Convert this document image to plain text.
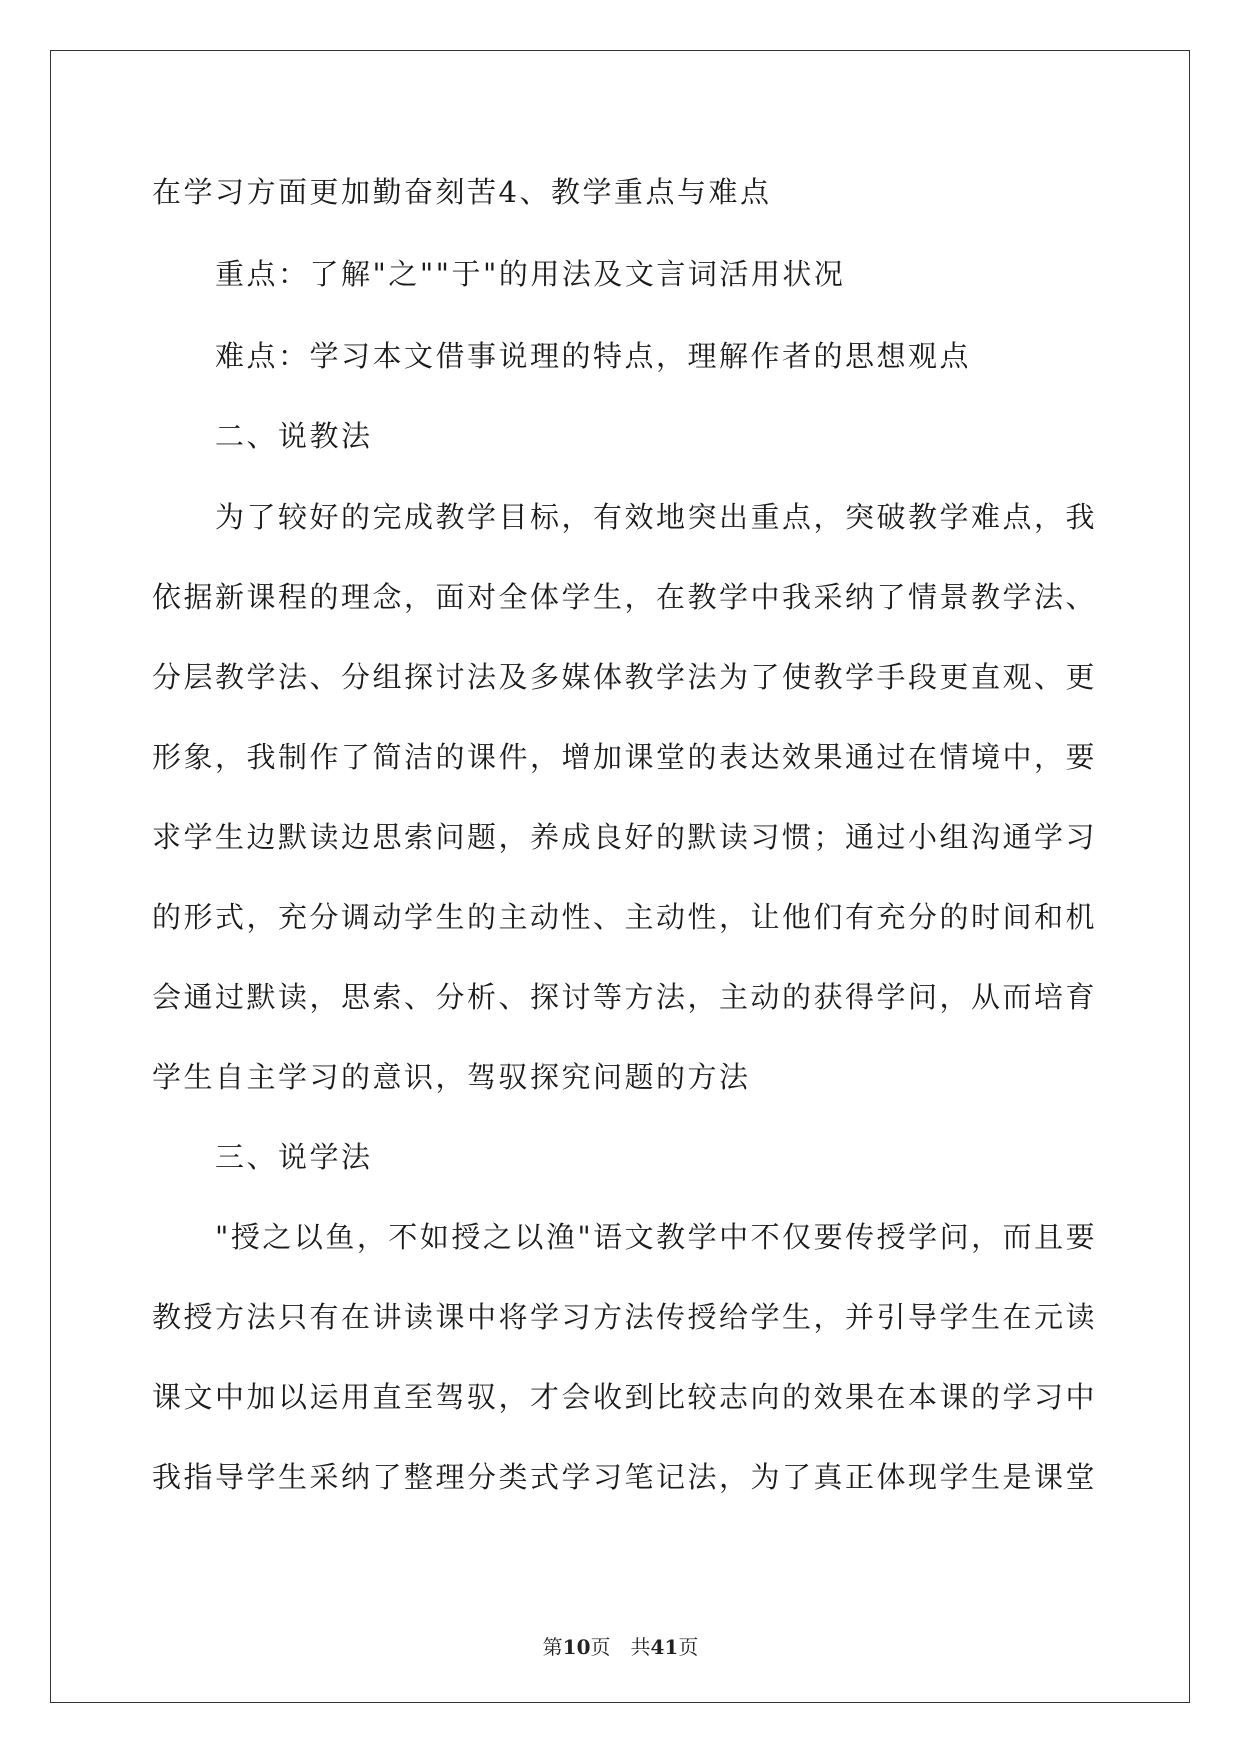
在学习方面更加勤奋刻苦4、教学重点与难点
重点：了解"之""于"的用法及文言词活用状况
难点：学习本文借事说理的特点，理解作者的思想观点
二、说教法
为了较好的完成教学目标，有效地突出重点，突破教学难点，我
依据新课程的理念，面对全体学生，在教学中我采纳了情景教学法、
分层教学法、分组探讨法及多媒体教学法为了使教学手段更直观、更
形象，我制作了简洁的课件，增加课堂的表达效果通过在情境中，要
求学生边默读边思索问题，养成良好的默读习惯；通过小组沟通学习
的形式，充分调动学生的主动性、主动性，让他们有充分的时间和机
会通过默读，思索、分析、探讨等方法，主动的获得学问，从而培育
学生自主学习的意识，驾驭探究问题的方法
三、说学法
"授之以鱼，不如授之以渔"语文教学中不仅要传授学问，而且要
教授方法只有在讲读课中将学习方法传授给学生，并引导学生在元读
课文中加以运用直至驾驭，才会收到比较志向的效果在本课的学习中
我指导学生采纳了整理分类式学习笔记法，为了真正体现学生是课堂
第10页　共41页
